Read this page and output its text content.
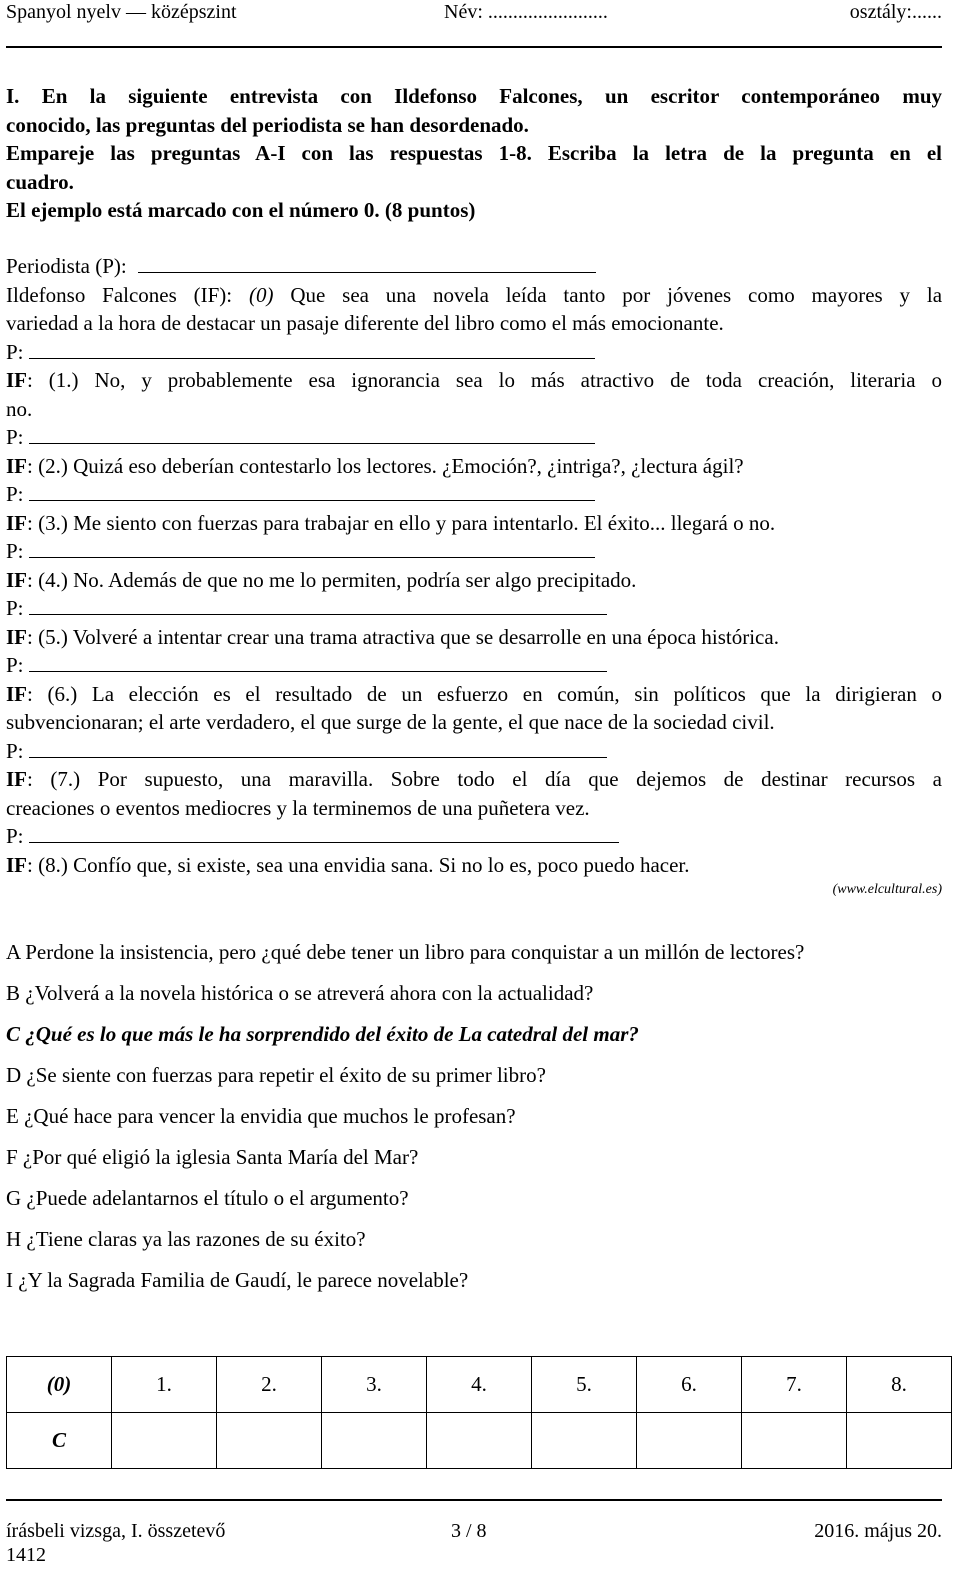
Spanyol nyelv — középszint	Név: ........................	osztály:......
I. En la siguiente entrevista con Ildefonso Falcones, un escritor contemporáneo muy
conocido, las preguntas del periodista se han desordenado.
Empareje las preguntas A-I con las respuestas 1-8. Escriba la letra de la pregunta en el
cuadro.
El ejemplo está marcado con el número 0. (8 puntos)
Periodista (P):
Ildefonso Falcones (IF): (0) Que sea una novela leída tanto por jóvenes como mayores y la
variedad a la hora de destacar un pasaje diferente del libro como el más emocionante.
P:
IF: (1.) No, y probablemente esa ignorancia sea lo más atractivo de toda creación, literaria o
no.
P:
IF: (2.) Quizá eso deberían contestarlo los lectores. ¿Emoción?, ¿intriga?, ¿lectura ágil?
P:
IF: (3.) Me siento con fuerzas para trabajar en ello y para intentarlo. El éxito... llegará o no.
P:
IF: (4.) No. Además de que no me lo permiten, podría ser algo precipitado.
P:
IF: (5.) Volveré a intentar crear una trama atractiva que se desarrolle en una época histórica.
P:
IF: (6.) La elección es el resultado de un esfuerzo en común, sin políticos que la dirigieran o
subvencionaran; el arte verdadero, el que surge de la gente, el que nace de la sociedad civil.
P:
IF: (7.) Por supuesto, una maravilla. Sobre todo el día que dejemos de destinar recursos a
creaciones o eventos mediocres y la terminemos de una puñetera vez.
P:
IF: (8.) Confío que, si existe, sea una envidia sana. Si no lo es, poco puedo hacer.
(www.elcultural.es)
A Perdone la insistencia, pero ¿qué debe tener un libro para conquistar a un millón de lectores?
B ¿Volverá a la novela histórica o se atreverá ahora con la actualidad?
C ¿Qué es lo que más le ha sorprendido del éxito de La catedral del mar?
D ¿Se siente con fuerzas para repetir el éxito de su primer libro?
E ¿Qué hace para vencer la envidia que muchos le profesan?
F ¿Por qué eligió la iglesia Santa María del Mar?
G ¿Puede adelantarnos el título o el argumento?
H ¿Tiene claras ya las razones de su éxito?
I ¿Y la Sagrada Familia de Gaudí, le parece novelable?
(0)	1.	2.	3.	4.	5.	6.	7.	8.
C								
írásbeli vizsga, I. összetevő	3 / 8	2016. május 20.
1412
